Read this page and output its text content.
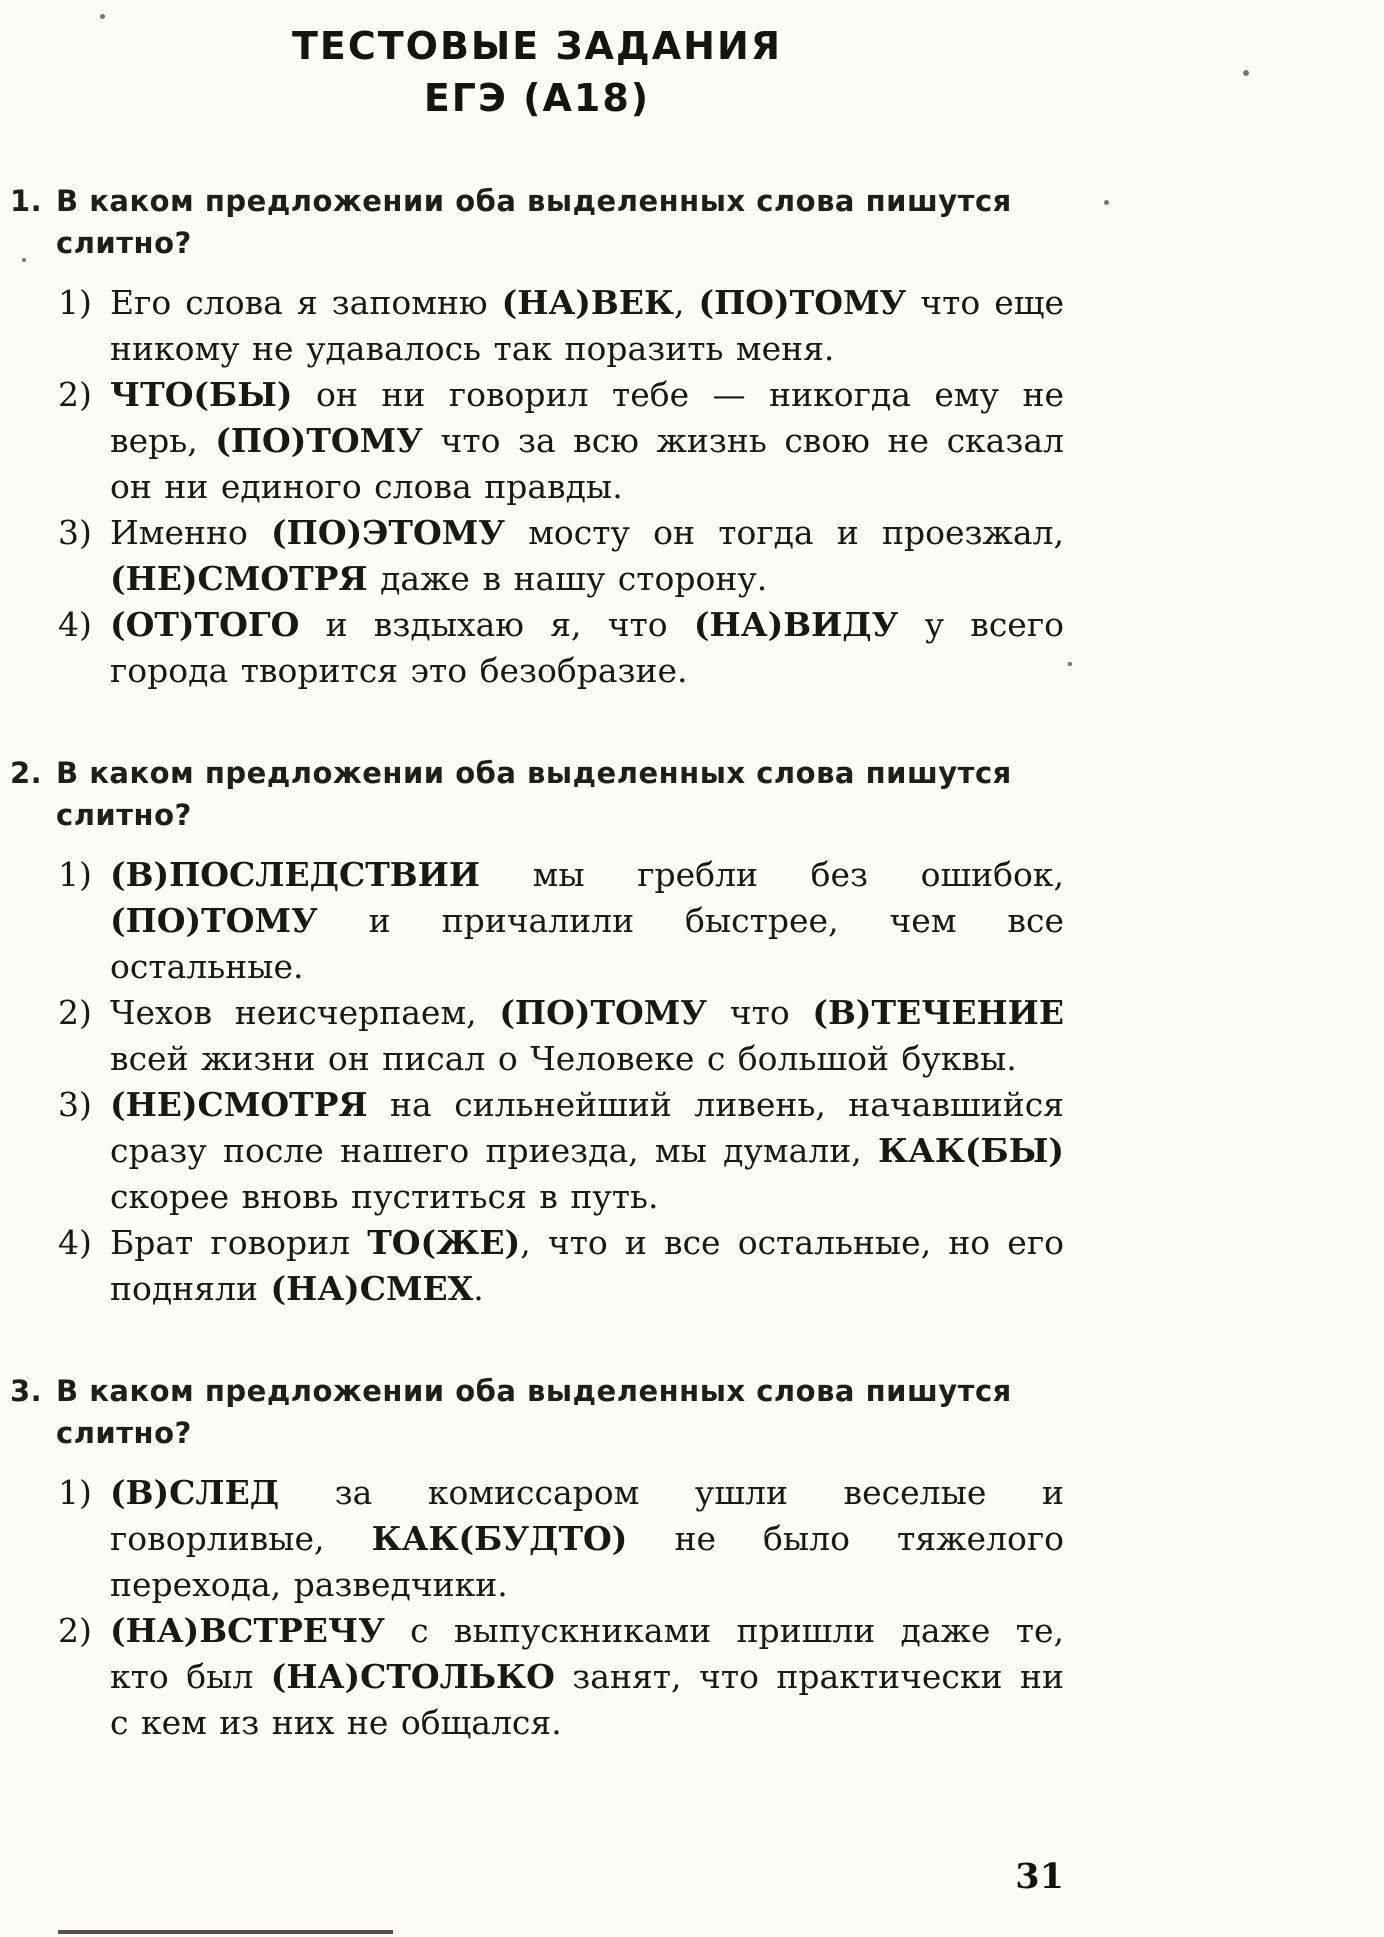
ТЕСТОВЫЕ ЗАДАНИЯ
ЕГЭ (А18)

1. В каком предложении оба выделенных слова пишутся слитно?

1) Его слова я запомню (НА)ВЕК, (ПО)ТОМУ что еще никому не удавалось так поразить меня.
2) ЧТО(БЫ) он ни говорил тебе — никогда ему не верь, (ПО)ТОМУ что за всю жизнь свою не сказал он ни единого слова правды.
3) Именно (ПО)ЭТОМУ мосту он тогда и проезжал, (НЕ)СМОТРЯ даже в нашу сторону.
4) (ОТ)ТОГО и вздыхаю я, что (НА)ВИДУ у всего города творится это безобразие.

2. В каком предложении оба выделенных слова пишутся слитно?

1) (В)ПОСЛЕДСТВИИ мы гребли без ошибок, (ПО)ТОМУ и причалили быстрее, чем все остальные.
2) Чехов неисчерпаем, (ПО)ТОМУ что (В)ТЕЧЕНИЕ всей жизни он писал о Человеке с большой буквы.
3) (НЕ)СМОТРЯ на сильнейший ливень, начавшийся сразу после нашего приезда, мы думали, КАК(БЫ) скорее вновь пуститься в путь.
4) Брат говорил ТО(ЖЕ), что и все остальные, но его подняли (НА)СМЕХ.

3. В каком предложении оба выделенных слова пишутся слитно?

1) (В)СЛЕД за комиссаром ушли веселые и говорливые, КАК(БУДТО) не было тяжелого перехода, разведчики.
2) (НА)ВСТРЕЧУ с выпускниками пришли даже те, кто был (НА)СТОЛЬКО занят, что практически ни с кем из них не общался.
31
